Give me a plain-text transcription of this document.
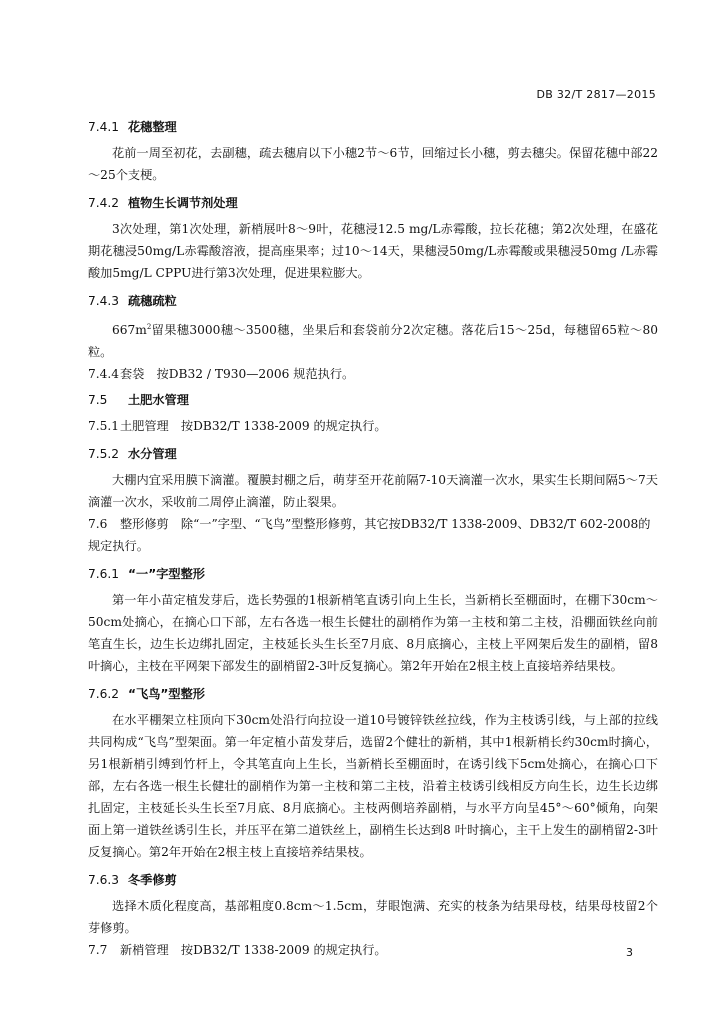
DB 32/T 2817—2015
7.4.1 花穗整理

花前一周至初花，去副穗，疏去穗肩以下小穗2节～6节，回缩过长小穗，剪去穗尖。保留花穗中部22～25个支梗。

7.4.2 植物生长调节剂处理

3次处理，第1次处理，新梢展叶8～9叶，花穗浸12.5 mg/L赤霉酸，拉长花穗；第2次处理，在盛花期花穗浸50mg/L赤霉酸溶液，提高座果率；过10～14天，果穗浸50mg/L赤霉酸或果穗浸50mg /L赤霉酸加5mg/L CPPU进行第3次处理，促进果粒膨大。

7.4.3 疏穗疏粒

$667m^2$留果穗3000穗～3500穗，坐果后和套袋前分2次定穗。落花后15～25d，每穗留65粒～80粒。

7.4.4套袋　按DB32 / T930—2006 规范执行。

7.5 土肥水管理

7.5.1土肥管理　按DB32/T 1338-2009 的规定执行。

7.5.2 水分管理

大棚内宜采用膜下滴灌。覆膜封棚之后，萌芽至开花前隔7-10天滴灌一次水，果实生长期间隔5～7天滴灌一次水，采收前二周停止滴灌，防止裂果。

7.6 整形修剪　除“一”字型、“飞鸟”型整形修剪，其它按DB32/T 1338-2009、DB32/T 602-2008的规定执行。

7.6.1 “一”字型整形

第一年小苗定植发芽后，选长势强的1根新梢笔直诱引向上生长，当新梢长至棚面时，在棚下30cm～50cm处摘心，在摘心口下部，左右各选一根生长健壮的副梢作为第一主枝和第二主枝，沿棚面铁丝向前笔直生长，边生长边绑扎固定，主枝延长头生长至7月底、8月底摘心，主枝上平网架后发生的副梢，留8 叶摘心，主枝在平网架下部发生的副梢留2-3叶反复摘心。第2年开始在2根主枝上直接培养结果枝。

7.6.2 “飞鸟”型整形

在水平棚架立柱顶向下30cm处沿行向拉设一道10号镀锌铁丝拉线，作为主枝诱引线，与上部的拉线共同构成“飞鸟”型架面。第一年定植小苗发芽后，选留2个健壮的新梢，其中1根新梢长约30cm时摘心，另1根新梢引缚到竹杆上，令其笔直向上生长，当新梢长至棚面时，在诱引线下5cm处摘心，在摘心口下部，左右各选一根生长健壮的副梢作为第一主枝和第二主枝，沿着主枝诱引线相反方向生长，边生长边绑扎固定，主枝延长头生长至7月底、8月底摘心。主枝两侧培养副梢，与水平方向呈45°～60°倾角，向架面上第一道铁丝诱引生长，并压平在第二道铁丝上，副梢生长达到8 叶时摘心，主干上发生的副梢留2-3叶反复摘心。第2年开始在2根主枝上直接培养结果枝。

7.6.3 冬季修剪

选择木质化程度高，基部粗度0.8cm～1.5cm，芽眼饱满、充实的枝条为结果母枝，结果母枝留2个芽修剪。

7.7 新梢管理　按DB32/T 1338-2009 的规定执行。	3
